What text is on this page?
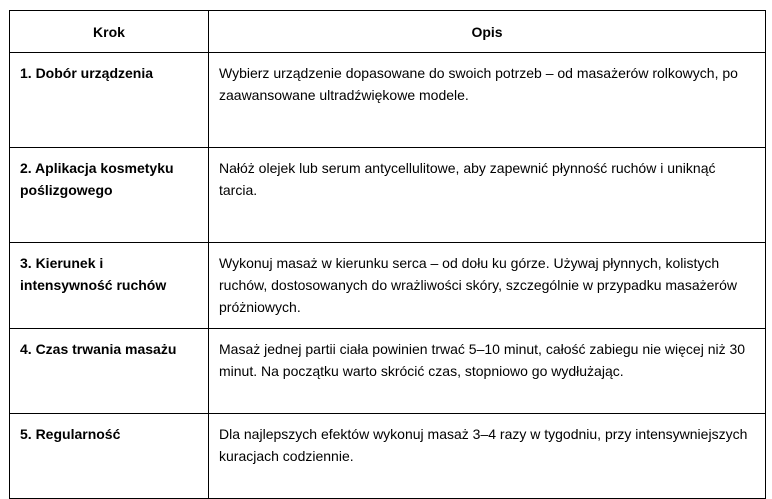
Krok	Opis
1. Dobór urządzenia	Wybierz urządzenie dopasowane do swoich potrzeb – od masażerów rolkowych, po zaawansowane ultradźwiękowe modele.
2. Aplikacja kosmetyku poślizgowego	Nałóż olejek lub serum antycellulitowe, aby zapewnić płynność ruchów i uniknąć tarcia.
3. Kierunek i intensywność ruchów	Wykonuj masaż w kierunku serca – od dołu ku górze. Używaj płynnych, kolistych ruchów, dostosowanych do wrażliwości skóry, szczególnie w przypadku masażerów próżniowych.
4. Czas trwania masażu	Masaż jednej partii ciała powinien trwać 5–10 minut, całość zabiegu nie więcej niż 30 minut. Na początku warto skrócić czas, stopniowo go wydłużając.
5. Regularność	Dla najlepszych efektów wykonuj masaż 3–4 razy w tygodniu, przy intensywniejszych kuracjach codziennie.
